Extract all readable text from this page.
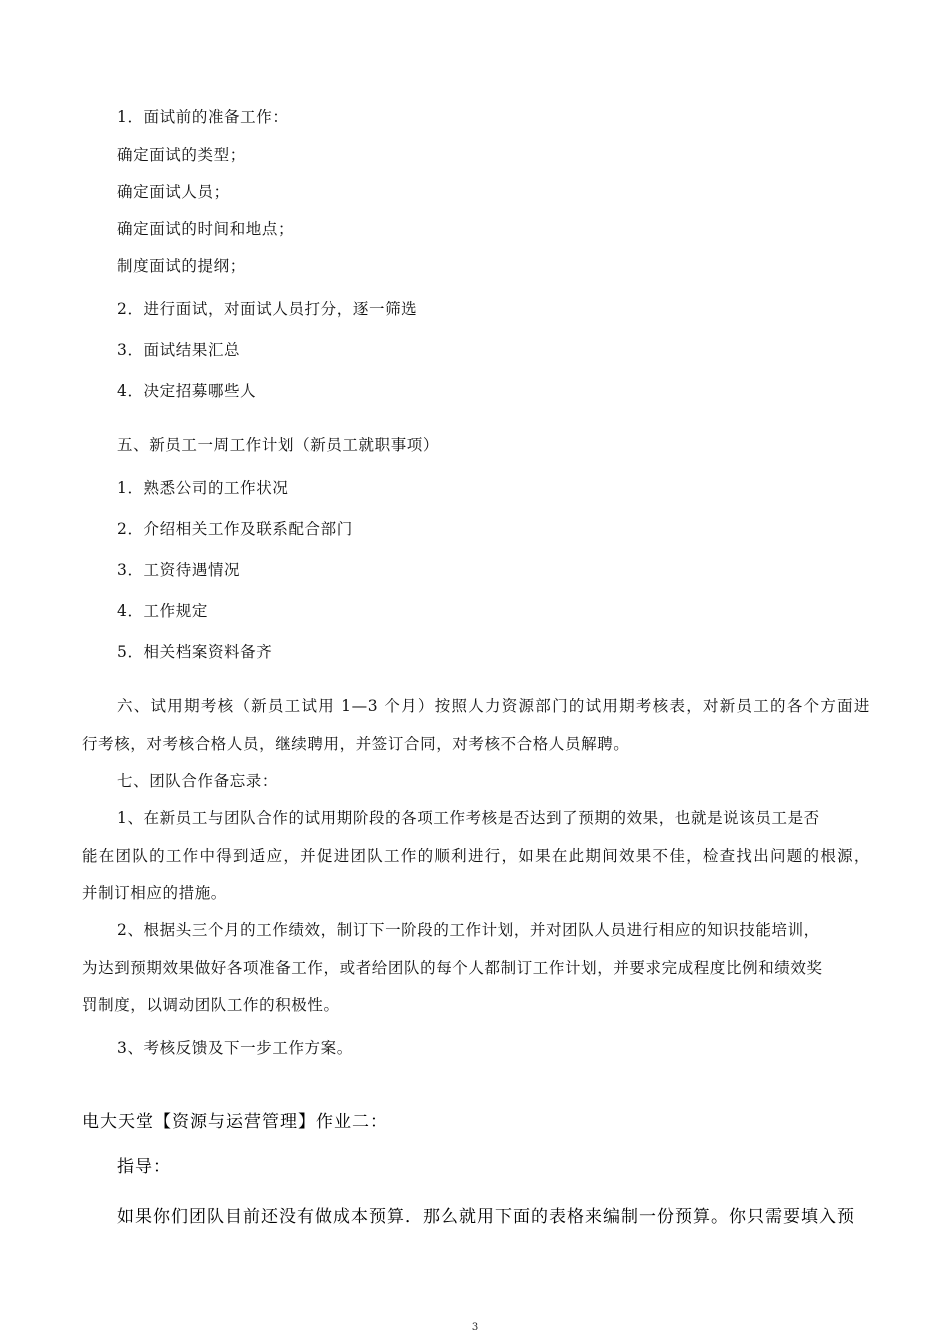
1．面试前的准备工作：

确定面试的类型；

确定面试人员；

确定面试的时间和地点；

制度面试的提纲；

2．进行面试，对面试人员打分，逐一筛选

3．面试结果汇总

4．决定招募哪些人

五、新员工一周工作计划（新员工就职事项）

1．熟悉公司的工作状况

2．介绍相关工作及联系配合部门

3．工资待遇情况

4．工作规定

5．相关档案资料备齐

六、试用期考核（新员工试用 1—3 个月）按照人力资源部门的试用期考核表，对新员工的各个方面进

行考核，对考核合格人员，继续聘用，并签订合同，对考核不合格人员解聘。

七、团队合作备忘录：

1、在新员工与团队合作的试用期阶段的各项工作考核是否达到了预期的效果，也就是说该员工是否

能在团队的工作中得到适应，并促进团队工作的顺利进行，如果在此期间效果不佳，检查找出问题的根源，

并制订相应的措施。

2、根据头三个月的工作绩效，制订下一阶段的工作计划，并对团队人员进行相应的知识技能培训，

为达到预期效果做好各项准备工作，或者给团队的每个人都制订工作计划，并要求完成程度比例和绩效奖

罚制度，以调动团队工作的积极性。

3、考核反馈及下一步工作方案。

电大天堂【资源与运营管理】作业二：

指导：

如果你们团队目前还没有做成本预算．那么就用下面的表格来编制一份预算。你只需要填入预

3
